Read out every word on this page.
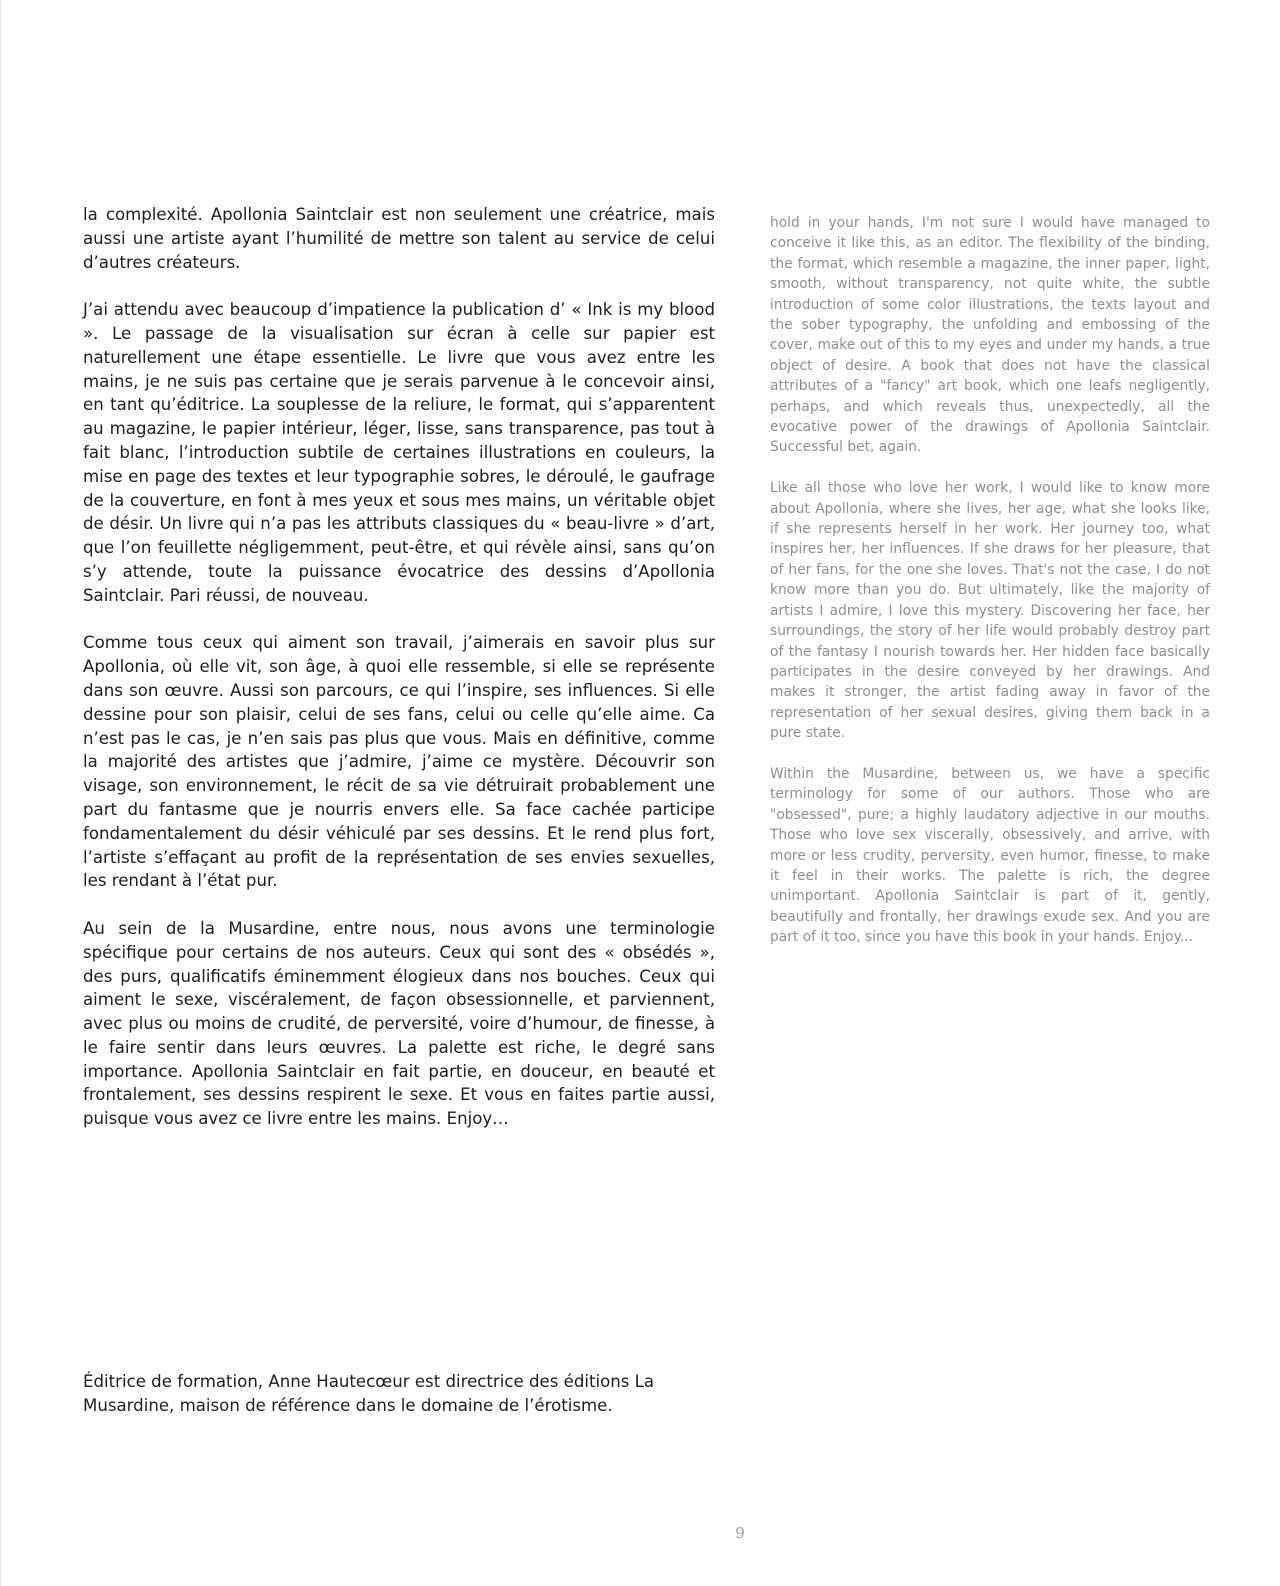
la complexité. Apollonia Saintclair est non seulement une créatrice, mais aussi une artiste ayant l’humilité de mettre son talent au service de celui d’autres créateurs.

J’ai attendu avec beaucoup d’impatience la publication d’ « Ink is my blood ». Le passage de la visualisation sur écran à celle sur papier est naturellement une étape essentielle. Le livre que vous avez entre les mains, je ne suis pas certaine que je serais parvenue à le concevoir ainsi, en tant qu’éditrice. La souplesse de la reliure, le format, qui s’apparentent au magazine, le papier intérieur, léger, lisse, sans transparence, pas tout à fait blanc, l’introduction subtile de certaines illustrations en couleurs, la mise en page des textes et leur typographie sobres, le déroulé, le gaufrage de la couverture, en font à mes yeux et sous mes mains, un véritable objet de désir. Un livre qui n’a pas les attributs classiques du « beau-livre » d’art, que l’on feuillette négligemment, peut-être, et qui révèle ainsi, sans qu’on s’y attende, toute la puissance évocatrice des dessins d’Apollonia Saintclair. Pari réussi, de nouveau.

Comme tous ceux qui aiment son travail, j’aimerais en savoir plus sur Apollonia, où elle vit, son âge, à quoi elle ressemble, si elle se représente dans son œuvre. Aussi son parcours, ce qui l’inspire, ses influences. Si elle dessine pour son plaisir, celui de ses fans, celui ou celle qu’elle aime. Ca n’est pas le cas, je n’en sais pas plus que vous. Mais en définitive, comme la majorité des artistes que j’admire, j’aime ce mystère. Découvrir son visage, son environnement, le récit de sa vie détruirait probablement une part du fantasme que je nourris envers elle. Sa face cachée participe fondamentalement du désir véhiculé par ses dessins. Et le rend plus fort, l’artiste s’effaçant au profit de la représentation de ses envies sexuelles, les rendant à l’état pur.

Au sein de la Musardine, entre nous, nous avons une terminologie spécifique pour certains de nos auteurs. Ceux qui sont des « obsédés », des purs, qualificatifs éminemment élogieux dans nos bouches. Ceux qui aiment le sexe, viscéralement, de façon obsessionnelle, et parviennent, avec plus ou moins de crudité, de perversité, voire d’humour, de finesse, à le faire sentir dans leurs œuvres. La palette est riche, le degré sans importance. Apollonia Saintclair en fait partie, en douceur, en beauté et frontalement, ses dessins respirent le sexe. Et vous en faites partie aussi, puisque vous avez ce livre entre les mains. Enjoy…

hold in your hands, I'm not sure I would have managed to conceive it like this, as an editor. The flexibility of the binding, the format, which resemble a magazine, the inner paper, light, smooth, without transparency, not quite white, the subtle introduction of some color illustrations, the texts layout and the sober typography, the unfolding and embossing of the cover, make out of this to my eyes and under my hands, a true object of desire. A book that does not have the classical attributes of a "fancy" art book, which one leafs negligently, perhaps, and which reveals thus, unexpectedly, all the evocative power of the drawings of Apollonia Saintclair. Successful bet, again.

Like all those who love her work, I would like to know more about Apollonia, where she lives, her age, what she looks like, if she represents herself in her work. Her journey too, what inspires her, her influences. If she draws for her pleasure, that of her fans, for the one she loves. That's not the case, I do not know more than you do. But ultimately, like the majority of artists I admire, I love this mystery. Discovering her face, her surroundings, the story of her life would probably destroy part of the fantasy I nourish towards her. Her hidden face basically participates in the desire conveyed by her drawings. And makes it stronger, the artist fading away in favor of the representation of her sexual desires, giving them back in a pure state.

Within the Musardine, between us, we have a specific terminology for some of our authors. Those who are "obsessed", pure; a highly laudatory adjective in our mouths. Those who love sex viscerally, obsessively, and arrive, with more or less crudity, perversity, even humor, finesse, to make it feel in their works. The palette is rich, the degree unimportant. Apollonia Saintclair is part of it, gently, beautifully and frontally, her drawings exude sex. And you are part of it too, since you have this book in your hands. Enjoy...

Éditrice de formation, Anne Hautecœur est directrice des éditions La Musardine, maison de référence dans le domaine de l’érotisme.

9
